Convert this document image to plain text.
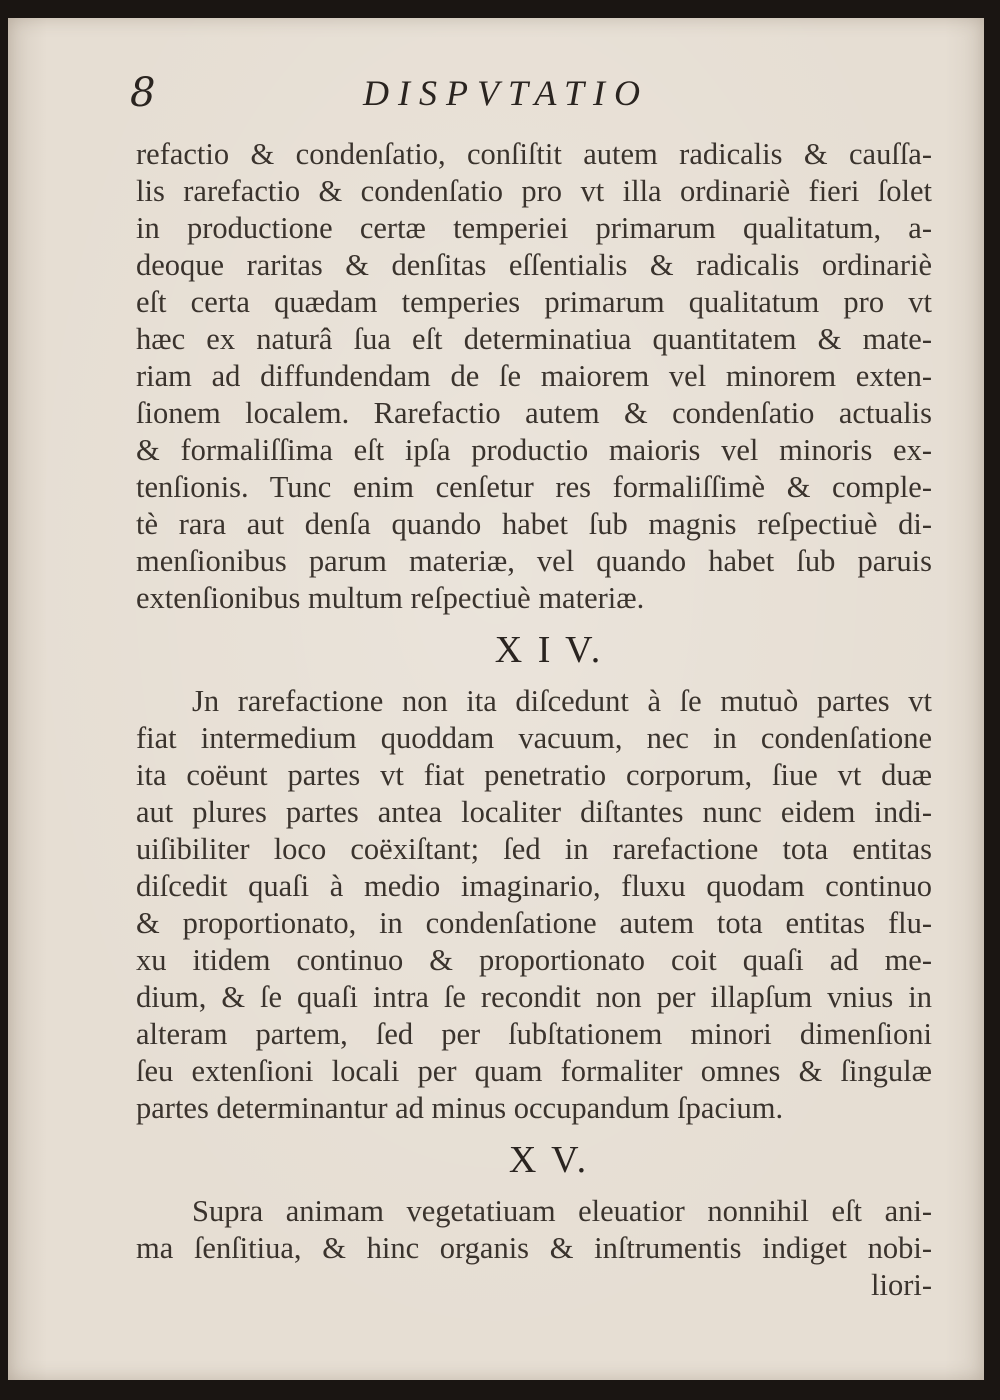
8	DISPVTATIO
refactio & condenſatio, conſiſtit autem radicalis & cauſſa-
lis rarefactio & condenſatio pro vt illa ordinariè fieri ſolet
in productione certæ temperiei primarum qualitatum, a-
deoque raritas & denſitas eſſentialis & radicalis ordinariè
eſt certa quædam temperies primarum qualitatum pro vt
hæc ex naturâ ſua eſt determinatiua quantitatem & mate-
riam ad diffundendam de ſe maiorem vel minorem exten-
ſionem localem. Rarefactio autem & condenſatio actualis
& formaliſſima eſt ipſa productio maioris vel minoris ex-
tenſionis. Tunc enim cenſetur res formaliſſimè & comple-
tè rara aut denſa quando habet ſub magnis reſpectiuè di-
menſionibus parum materiæ, vel quando habet ſub paruis
extenſionibus multum reſpectiuè materiæ.
X I V.
Jn rarefactione non ita diſcedunt à ſe mutuò partes vt
fiat intermedium quoddam vacuum, nec in condenſatione
ita coëunt partes vt fiat penetratio corporum, ſiue vt duæ
aut plures partes antea localiter diſtantes nunc eidem indi-
uiſibiliter loco coëxiſtant; ſed in rarefactione tota entitas
diſcedit quaſi à medio imaginario, fluxu quodam continuo
& proportionato, in condenſatione autem tota entitas flu-
xu itidem continuo & proportionato coit quaſi ad me-
dium, & ſe quaſi intra ſe recondit non per illapſum vnius in
alteram partem, ſed per ſubſtationem minori dimenſioni
ſeu extenſioni locali per quam formaliter omnes & ſingulæ
partes determinantur ad minus occupandum ſpacium.
X V.
Supra animam vegetatiuam eleuatior nonnihil eſt ani-
ma ſenſitiua, & hinc organis & inſtrumentis indiget nobi-
liori-
